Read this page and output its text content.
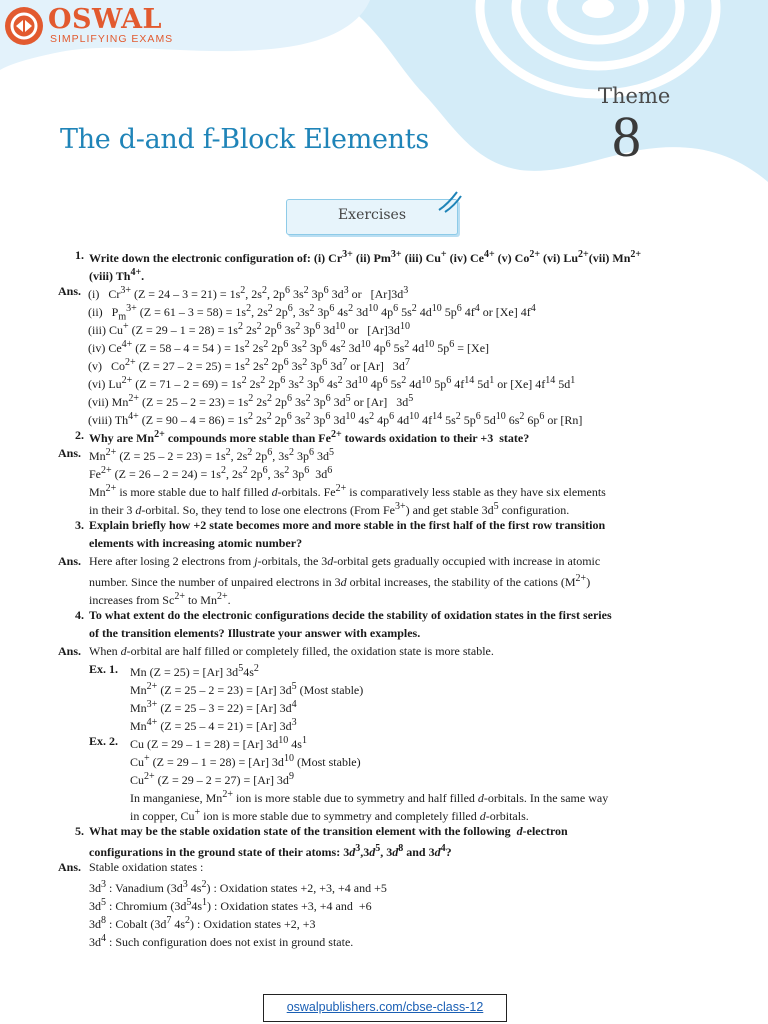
OSWAL
SIMPLIFYING EXAMS
Theme
8
The d-and f-Block Elements
Exercises
1. Write down the electronic configuration of: (i) $Cr^{3+}$ (ii) $Pm^{3+}$ (iii) Cu+ (iv) $Ce^{4+}$ (v) $Co^{2+}$ (vi) $Lu^{2+}(vii)$ $Mn^{2+}$
(viii) $Th^{4+}$.
Ans. (i)   $Cr^{3+}$ $(Z = 24 - 3 = 21) = 1s^2$, $2s^2$, $2p^6$ $3s^2$ $3p^6$ $3d^3$ or   $[Ar]3d^3$
(ii)   $P_m^{3+}$ $(Z = 61 - 3 = 58) = 1s^2$, $2s^2$ $2p^6$, $3s^2$ $3p^6$ $4s^2$ $3d^{10}$ $4p^6$ $5s^2$ $4d^{10}$ $5p^6$ $4f^4$ or [Xe] $4f^4$
(iii) Cu+ $(Z = 29 - 1 = 28) = 1s^2$ $2s^2$ $2p^6$ $3s^2$ $3p^6$ $3d^{10}$ or   $[Ar]3d^{10}$
(iv) $Ce^{4+}$ (Z = 58 – 4 = 54 ) = $1s^2$ $2s^2$ $2p^6$ $3s^2$ $3p^6$ $4s^2$ $3d^{10}$ $4p^6$ $5s^2$ $4d^{10}$ $5p^6 = [Xe]$
(v)   $Co^{2+}$ $(Z = 27 - 2 = 25) = 1s^2$ $2s^2$ $2p^6$ $3s^2$ $3p^6$ $3d^7$ or [Ar]   $3d^7$
(vi) $Lu^{2+}$ $(Z = 71 - 2 = 69) = 1s^2$ $2s^2$ $2p^6$ $3s^2$ $3p^6$ $4s^2$ $3d^{10}$ $4p^6$ $5s^2$ $4d^{10}$ $5p^6$ $4f^{14}$ $5d^1$ or [Xe] $4f^{14}$ $5d^1$
(vii) $Mn^{2+}$ $(Z = 25 - 2 = 23) = 1s^2$ $2s^2$ $2p^6$ $3s^2$ $3p^6$ $3d^5$ or [Ar]   $3d^5$
(viii) $Th^{4+}$ $(Z = 90 - 4 = 86) = 1s^2$ $2s^2$ $2p^6$ $3s^2$ $3p^6$ $3d^{10}$ $4s^2$ $4p^6$ $4d^{10}$ $4f^{14}$ $5s^2$ $5p^6$ $5d^{10}$ $6s^2$ $6p^6$ or [Rn]
2. Why are $Mn^{2+}$ compounds more stable than $Fe^{2+}$ towards oxidation to their +3  state?
Ans. $Mn^{2+}$ $(Z = 25 - 2 = 23) = 1s^2$, $2s^2$ $2p^6$, $3s^2$ $3p^6$ $3d^5$
$Fe^{2+}$ $(Z = 26 - 2 = 24) = 1s^2$, $2s^2$ $2p^6$, $3s^2$ $3p^6$  $3d^6$
$Mn^{2+}$ is more stable due to half filled d-orbitals. $Fe^{2+}$ is comparatively less stable as they have six elements
in their 3 d-orbital. So, they tend to lose one electrons (From $Fe^{3+}$) and get stable $3d^5$ configuration.
3. Explain briefly how +2 state becomes more and more stable in the first half of the first row transition
elements with increasing atomic number?
Ans. Here after losing 2 electrons from j-orbitals, the 3d-orbital gets gradually occupied with increase in atomic
number. Since the number of unpaired electrons in 3d orbital increases, the stability of the cations $(M^{2+})$
increases from $Sc^{2+}$ to $Mn^{2+}$.
4. To what extent do the electronic configurations decide the stability of oxidation states in the first series
of the transition elements? Illustrate your answer with examples.
Ans. When d-orbital are half filled or completely filled, the oxidation state is more stable.
Ex. 1. Mn (Z = 25) = [Ar] $3d^54s^2$
$Mn^{2+}$ (Z = 25 – 2 = 23) = [Ar] $3d^5$ (Most stable)
$Mn^{3+}$ (Z = 25 – 3 = 22) = [Ar] $3d^4$
$Mn^{4+}$ (Z = 25 – 4 = 21) = [Ar] $3d^3$
Ex. 2. Cu (Z = 29 – 1 = 28) = [Ar] $3d^{10}$ $4s^1$
Cu+ (Z = 29 – 1 = 28) = [Ar] $3d^{10}$ (Most stable)
$Cu^{2+}$ (Z = 29 – 2 = 27) = [Ar] $3d^9$
In manganiese, $Mn^{2+}$ ion is more stable due to symmetry and half filled d-orbitals. In the same way
in copper, Cu+ ion is more stable due to symmetry and completely filled d-orbitals.
5. What may be the stable oxidation state of the transition element with the following  d-electron
configurations in the ground state of their atoms: $3d^3,3d^5$, $3d^8$ and $3d^4$?
Ans. Stable oxidation states :
$3d^3$ : Vanadium ($3d^3$ $4s^2$) : Oxidation states +2, +3, +4 and +5
$3d^5$ : Chromium $(3d^54s^1)$ : Oxidation states +3, +4 and  +6
$3d^8$ : Cobalt ($3d^7$ $4s^2$) : Oxidation states +2, +3
$3d^4$ : Such configuration does not exist in ground state.
oswalpublishers.com/cbse-class-12
